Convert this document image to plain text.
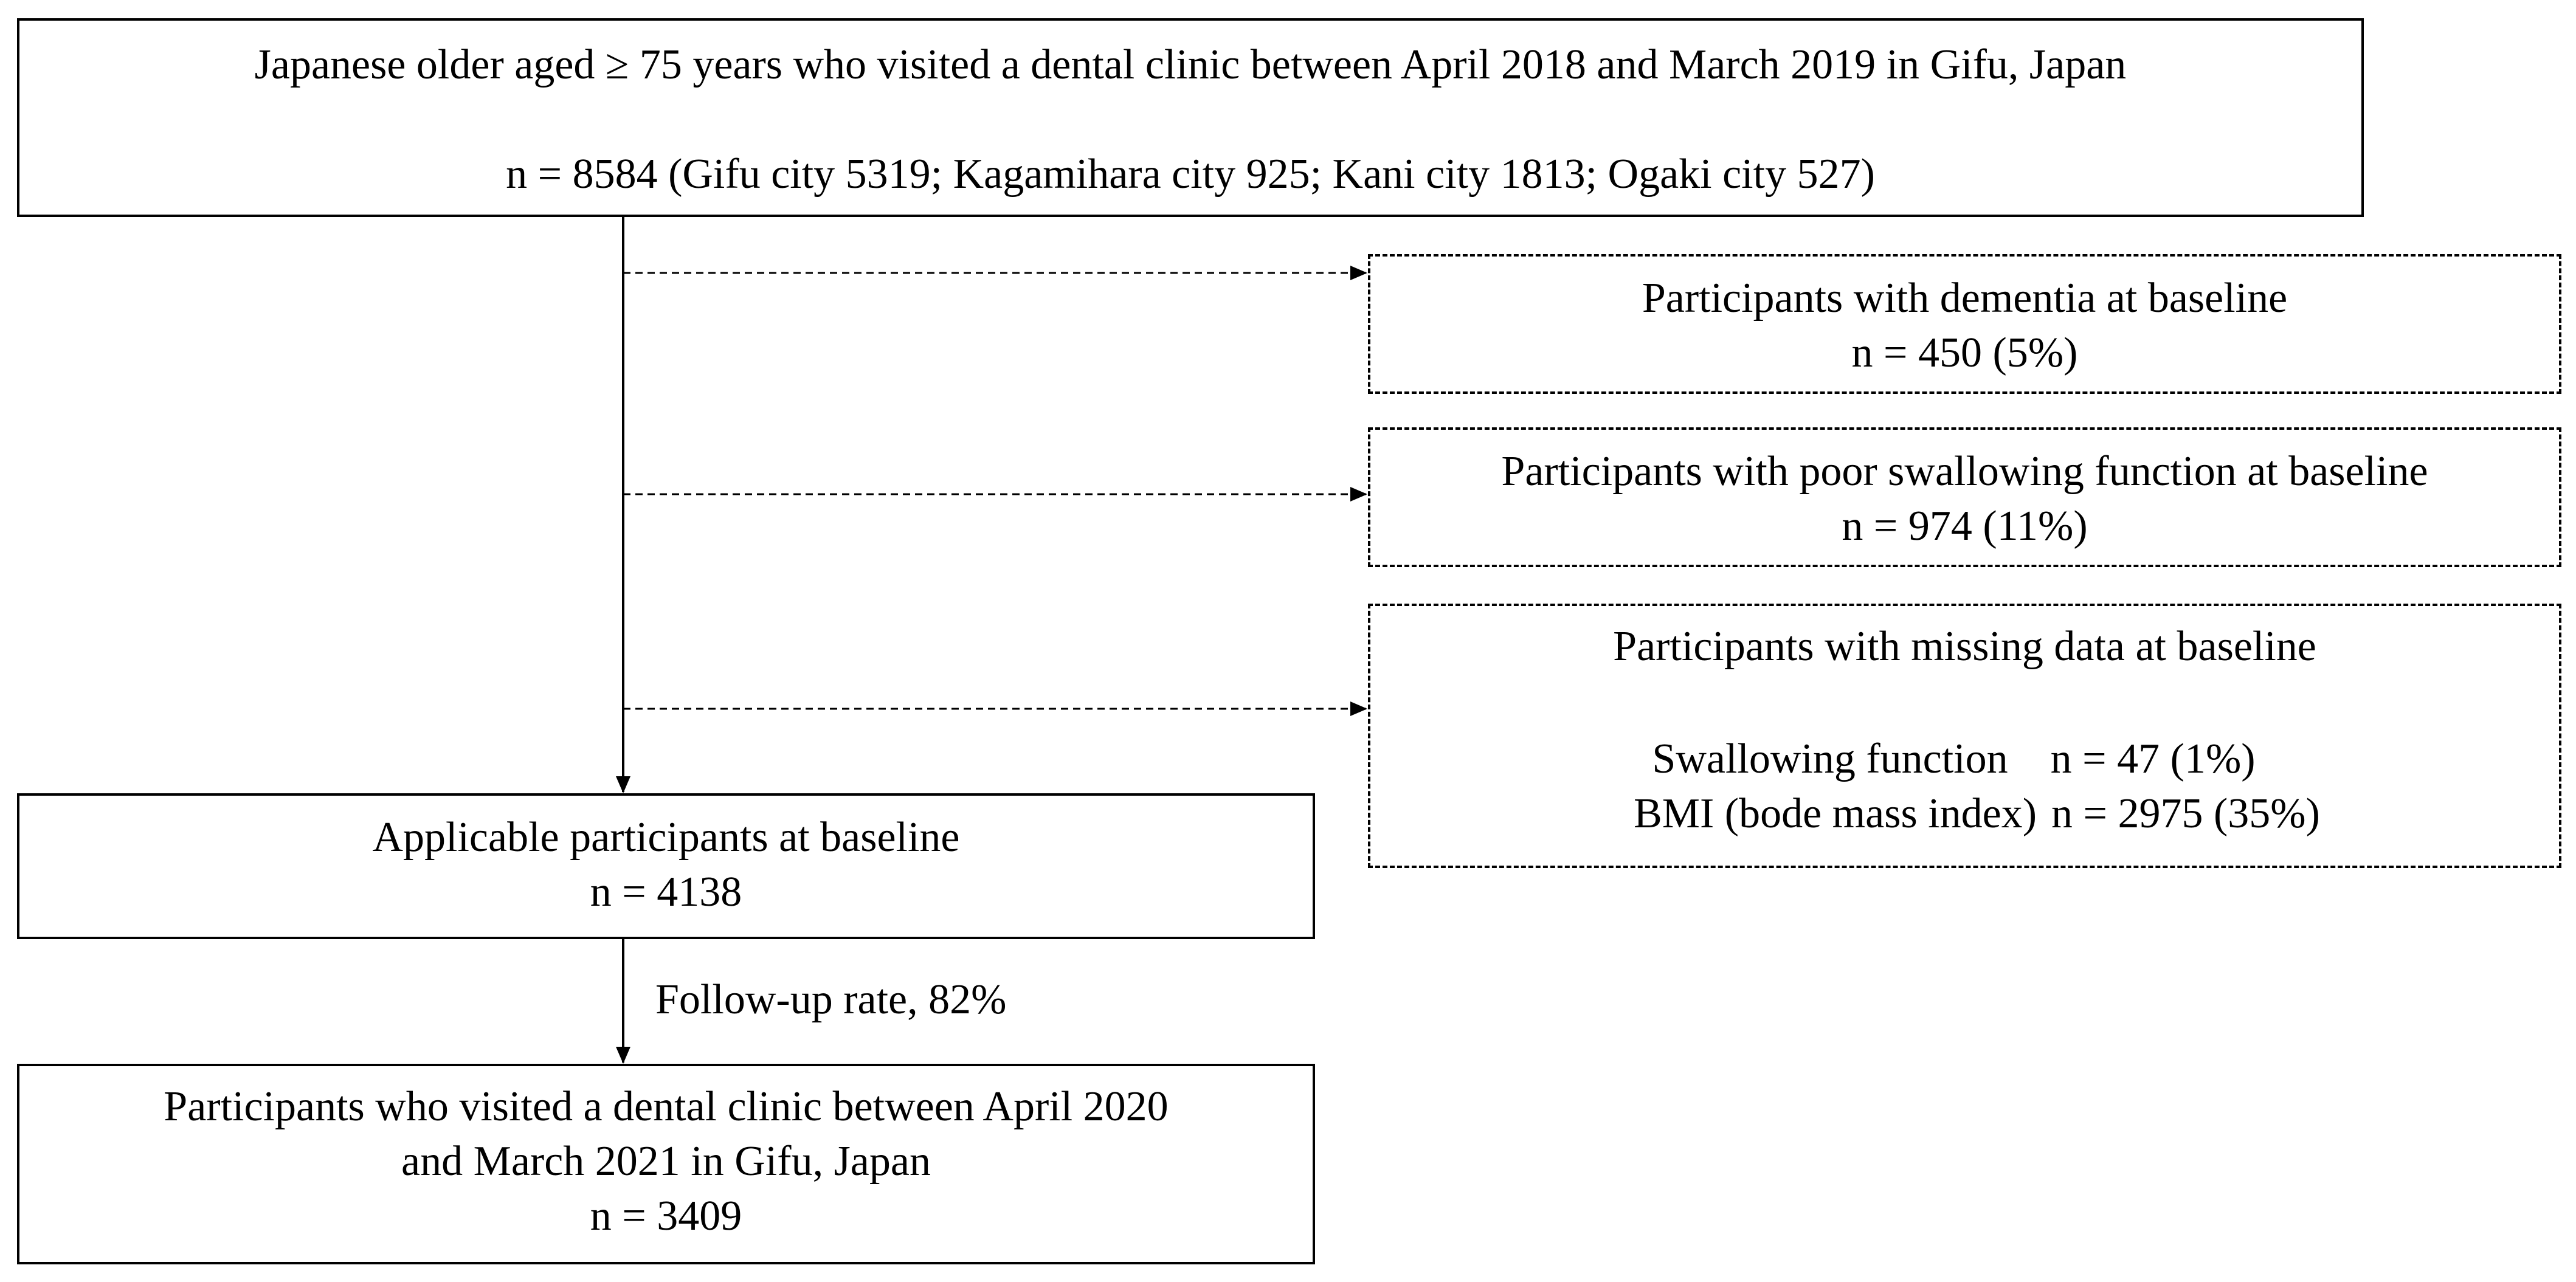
Japanese older aged ≥ 75 years who visited a dental clinic between April 2018 and March 2019 in Gifu, Japan
n = 8584 (Gifu city 5319; Kagamihara city 925; Kani city 1813; Ogaki city 527)
Participants with dementia at baseline
n = 450 (5%)
Participants with poor swallowing function at baseline
n = 974 (11%)
Participants with missing data at baseline
Swallowing function n = 47 (1%)
BMI (bode mass index) n = 2975 (35%)
Applicable participants at baseline
n = 4138
Follow-up rate, 82%
Participants who visited a dental clinic between April 2020
and March 2021 in Gifu, Japan
n = 3409
